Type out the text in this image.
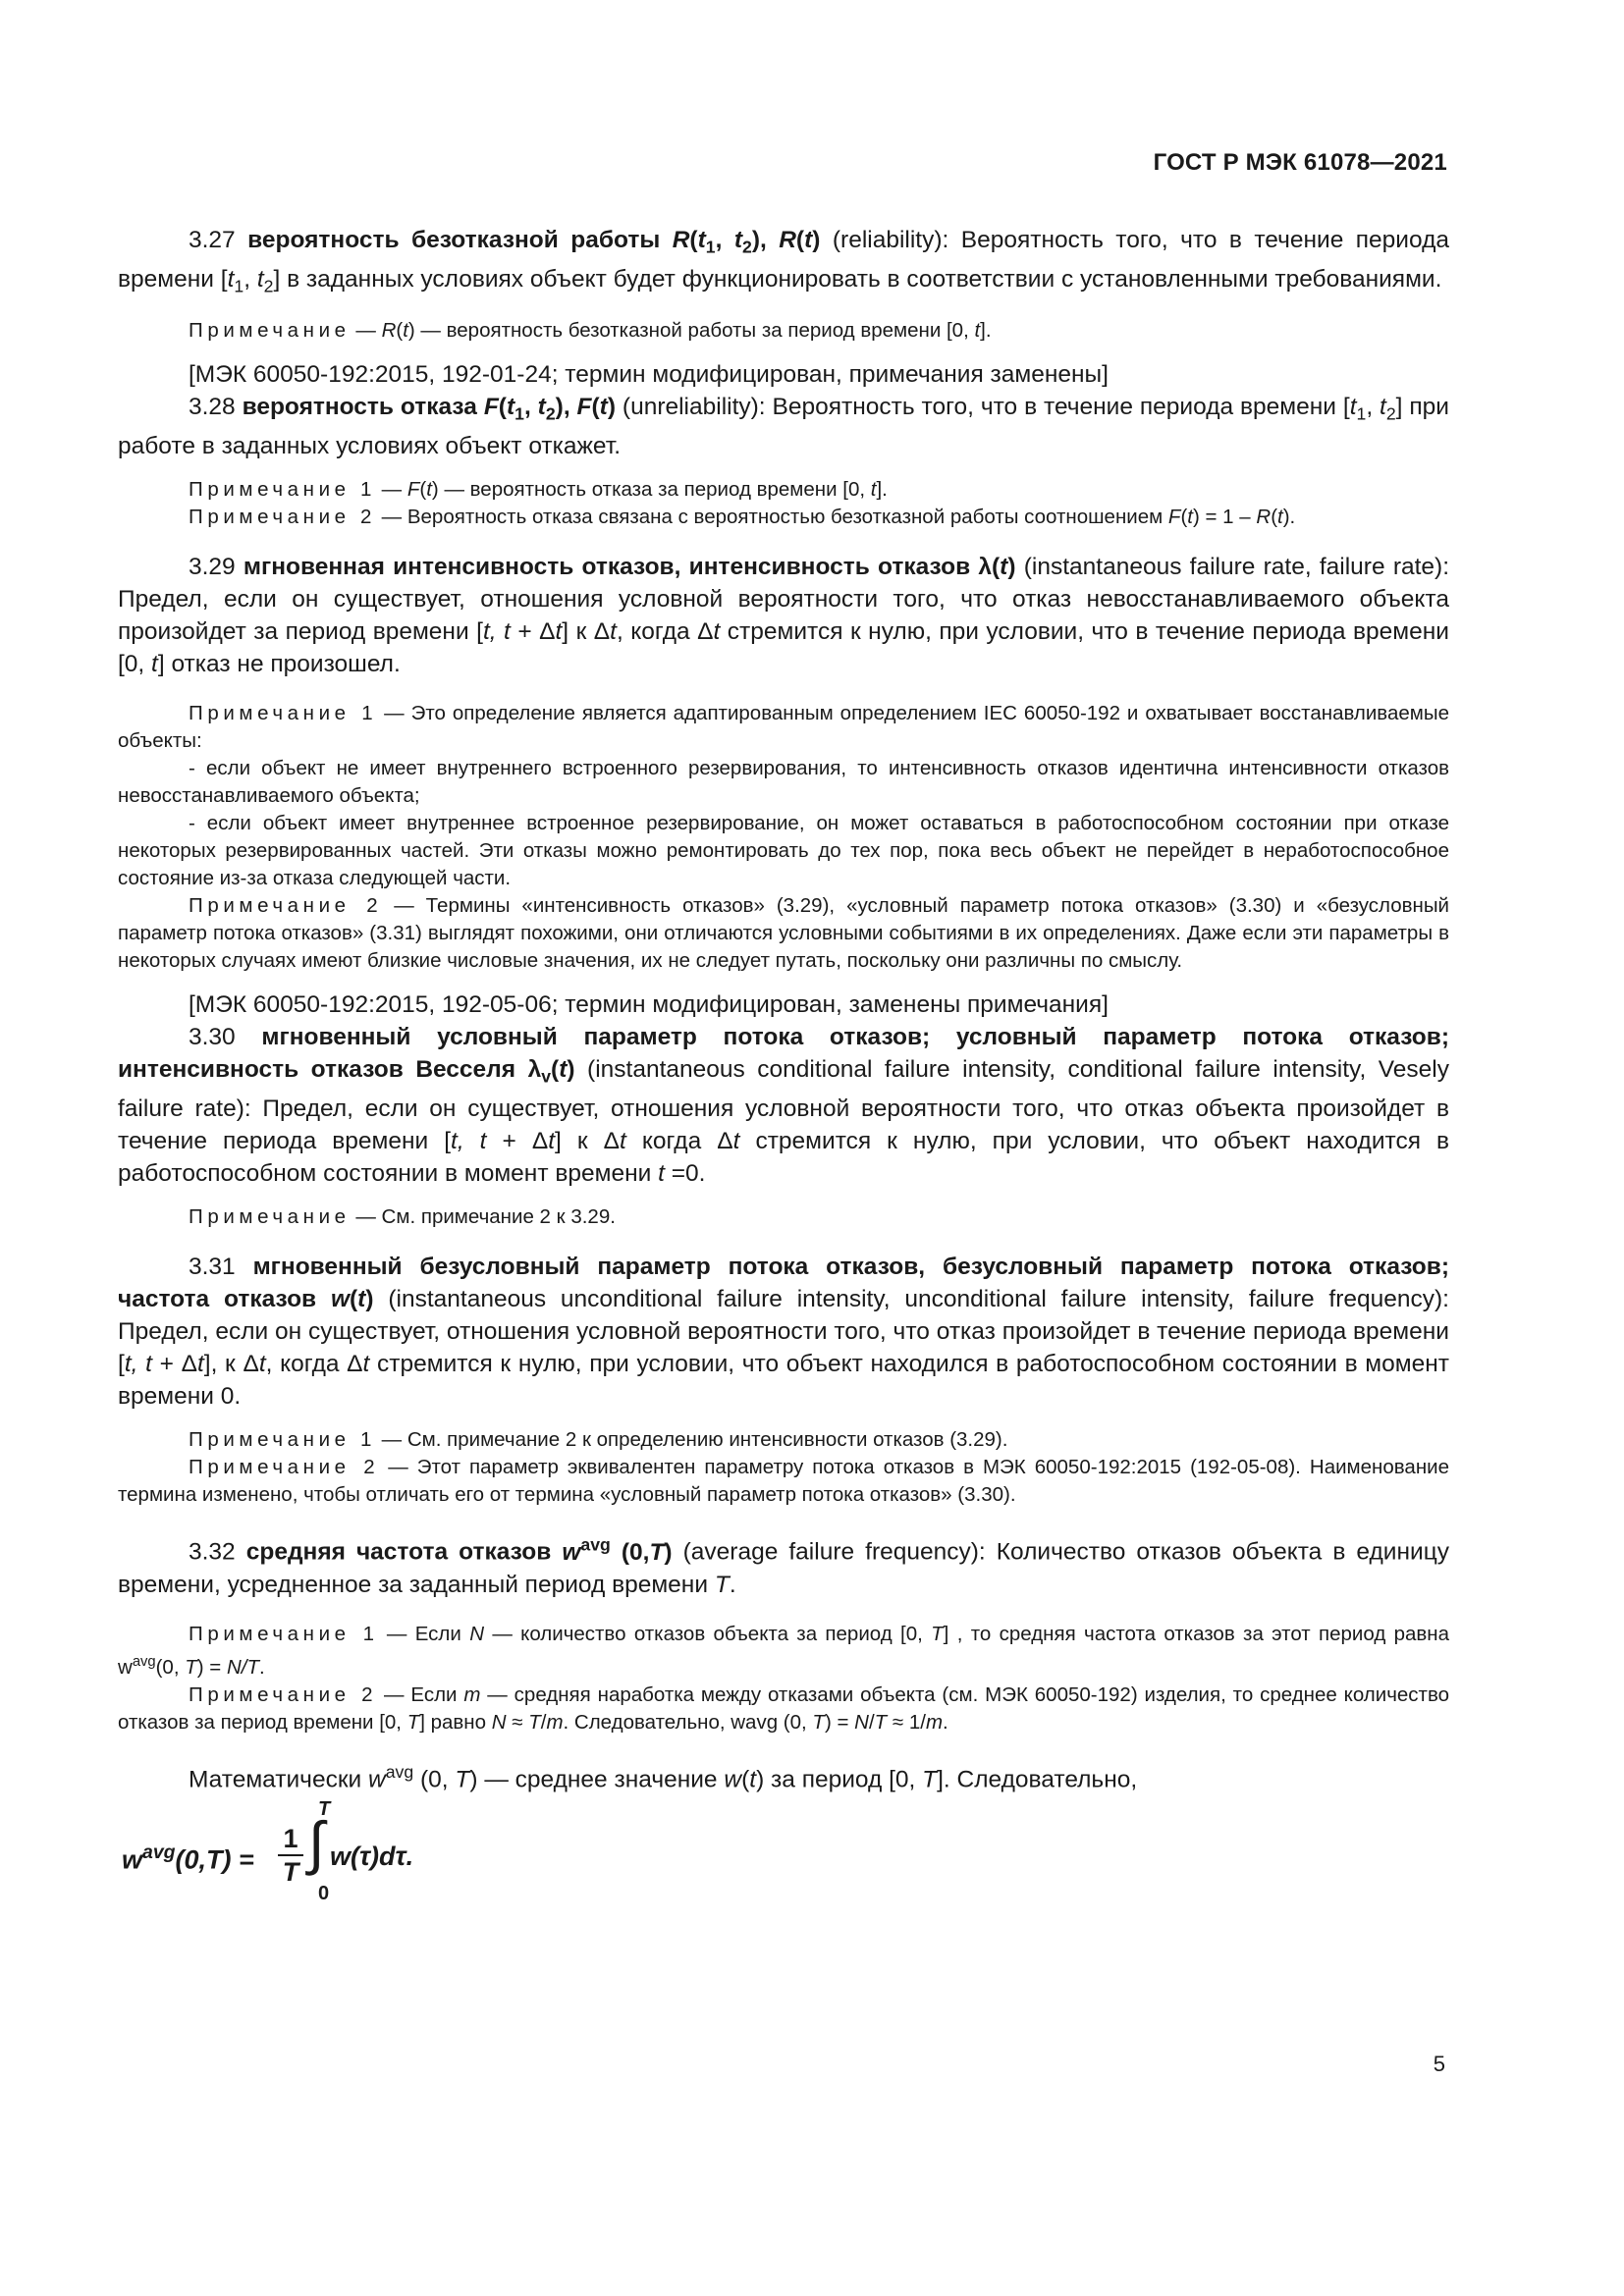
ГОСТ Р МЭК 61078—2021

3.27 вероятность безотказной работы $R(t_1$, $t_2$), R(t) (reliability): Вероятность того, что в течение периода времени [$t_1$, $t_2$] в заданных условиях объект будет функционировать в соответствии с установленными требованиями.

Примечание — R(t) — вероятность безотказной работы за период времени [0, t].

[МЭК 60050-192:2015, 192-01-24; термин модифицирован, примечания заменены]

3.28 вероятность отказа $F(t_1$, $t_2$), F(t) (unreliability): Вероятность того, что в течение периода времени [$t_1$, $t_2$] при работе в заданных условиях объект откажет.

Примечание 1 — F(t) — вероятность отказа за период времени [0, t].

Примечание 2 — Вероятность отказа связана с вероятностью безотказной работы соотношением F(t) = 1 – R(t).

3.29 мгновенная интенсивность отказов, интенсивность отказов λ(t) (instantaneous failure rate, failure rate): Предел, если он существует, отношения условной вероятности того, что отказ невосстанавливаемого объекта произойдет за период времени [t, t + Δt] к Δt, когда Δt стремится к нулю, при условии, что в течение периода времени [0, t] отказ не произошел.

Примечание 1 — Это определение является адаптированным определением IEC 60050-192 и охватывает восстанавливаемые объекты:

- если объект не имеет внутреннего встроенного резервирования, то интенсивность отказов идентична интенсивности отказов невосстанавливаемого объекта;

- если объект имеет внутреннее встроенное резервирование, он может оставаться в работоспособном состоянии при отказе некоторых резервированных частей. Эти отказы можно ремонтировать до тех пор, пока весь объект не перейдет в неработоспособное состояние из-за отказа следующей части.

Примечание 2 — Термины «интенсивность отказов» (3.29), «условный параметр потока отказов» (3.30) и «безусловный параметр потока отказов» (3.31) выглядят похожими, они отличаются условными событиями в их определениях. Даже если эти параметры в некоторых случаях имеют близкие числовые значения, их не следует путать, поскольку они различны по смыслу.

[МЭК 60050-192:2015, 192-05-06; термин модифицирован, заменены примечания]

3.30 мгновенный условный параметр потока отказов; условный параметр потока отказов; интенсивность отказов Весселя $\lambda_v(t)$ (instantaneous conditional failure intensity, conditional failure intensity, Vesely failure rate): Предел, если он существует, отношения условной вероятности того, что отказ объекта произойдет в течение периода времени [t, t + Δt] к Δt когда Δt стремится к нулю, при условии, что объект находится в работоспособном состоянии в момент времени t =0.

Примечание — См. примечание 2 к 3.29.

3.31 мгновенный безусловный параметр потока отказов, безусловный параметр потока отказов; частота отказов w(t) (instantaneous unconditional failure intensity, unconditional failure intensity, failure frequency): Предел, если он существует, отношения условной вероятности того, что отказ произойдет в течение периода времени [t, t + Δt], к Δt, когда Δt стремится к нулю, при условии, что объект находился в работоспособном состоянии в момент времени 0.

Примечание 1 — См. примечание 2 к определению интенсивности отказов (3.29).

Примечание 2 — Этот параметр эквивалентен параметру потока отказов в МЭК 60050-192:2015 (192-05-08). Наименование термина изменено, чтобы отличать его от термина «условный параметр потока отказов» (3.30).

3.32 средняя частота отказов $w^{avg}$ (0,T) (average failure frequency): Количество отказов объекта в единицу времени, усредненное за заданный период времени T.

Примечание 1 — Если N — количество отказов объекта за период [0, T] , то средняя частота отказов за этот период равна $w^{avg}(0$, T) = N/T.

Примечание 2 — Если m — средняя наработка между отказами объекта (см. МЭК 60050-192) изделия, то среднее количество отказов за период времени [0, T] равно N ≈ T/m. Следовательно, wavg (0, T) = N/T ≈ 1/m.

Математически $w^{avg}$ (0, T) — среднее значение w(t) за период [0, T]. Следовательно,

$w^{avg}(0,T)$ =
1
T
T
∫
0
w(τ)dτ.
5
